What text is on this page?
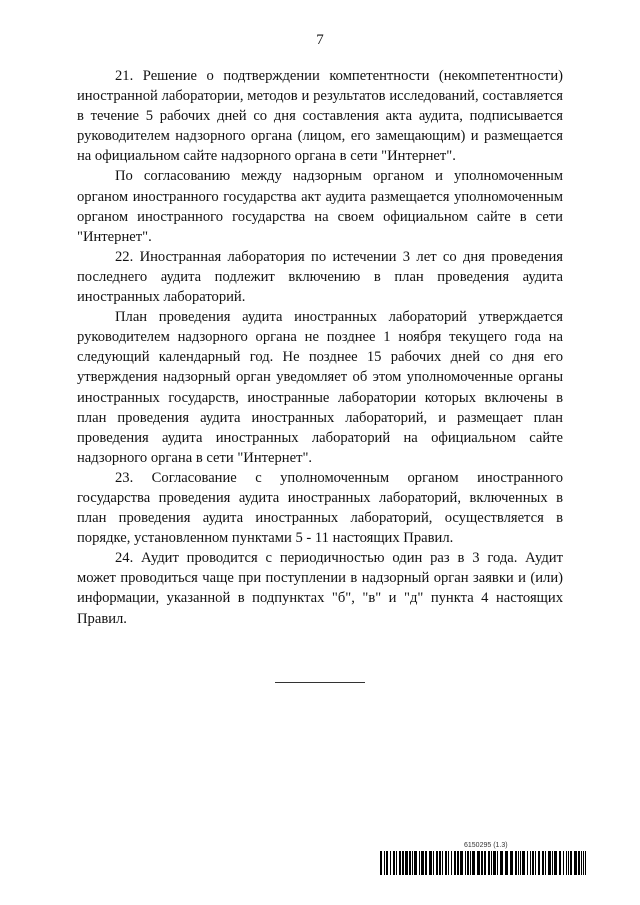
7

21. Решение о подтверждении компетентности (некомпетентности) иностранной лаборатории, методов и результатов исследований, составляется в течение 5 рабочих дней со дня составления акта аудита, подписывается руководителем надзорного органа (лицом, его замещающим) и размещается на официальном сайте надзорного органа в сети "Интернет".

По согласованию между надзорным органом и уполномоченным органом иностранного государства акт аудита размещается уполномоченным органом иностранного государства на своем официальном сайте в сети "Интернет".

22. Иностранная лаборатория по истечении 3 лет со дня проведения последнего аудита подлежит включению в план проведения аудита иностранных лабораторий.

План проведения аудита иностранных лабораторий утверждается руководителем надзорного органа не позднее 1 ноября текущего года на следующий календарный год. Не позднее 15 рабочих дней со дня его утверждения надзорный орган уведомляет об этом уполномоченные органы иностранных государств, иностранные лаборатории которых включены в план проведения аудита иностранных лабораторий, и размещает план проведения аудита иностранных лабораторий на официальном сайте надзорного органа в сети "Интернет".

23. Согласование с уполномоченным органом иностранного государства проведения аудита иностранных лабораторий, включенных в план проведения аудита иностранных лабораторий, осуществляется в порядке, установленном пунктами 5 - 11 настоящих Правил.

24. Аудит проводится с периодичностью один раз в 3 года. Аудит может проводиться чаще при поступлении в надзорный орган заявки и (или) информации, указанной в подпунктах "б", "в" и "д" пункта 4 настоящих Правил.

6150295 (1.3)
